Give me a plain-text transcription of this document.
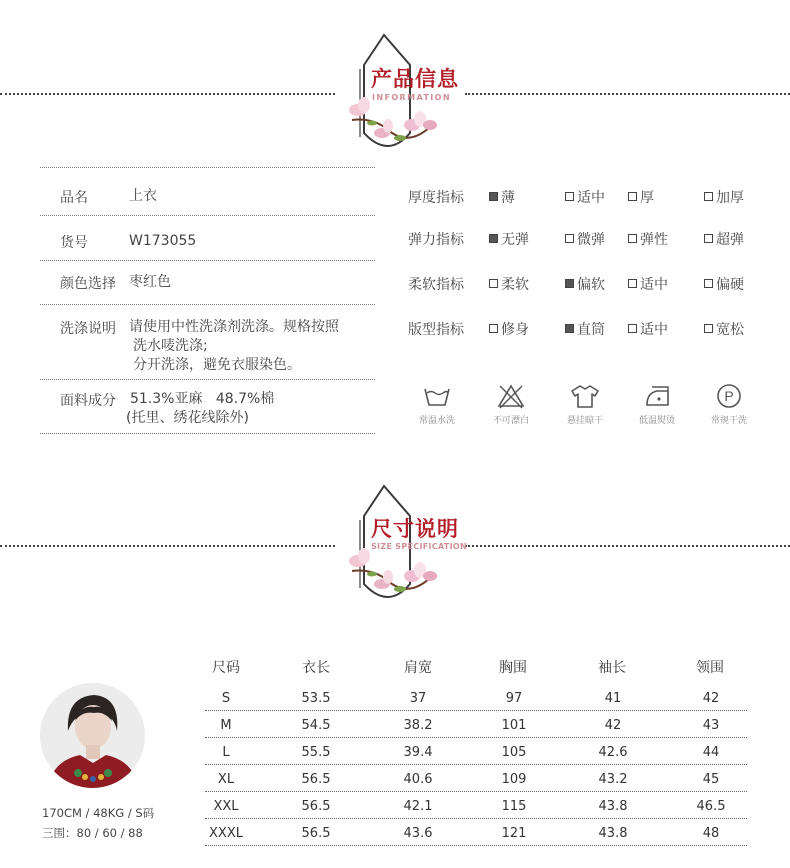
产品信息
INFORMATION
品名	上衣
货号	W173055
颜色选择 枣红色
洗涤说明 请使用中性洗涤剂洗涤。规格按照
洗水唛洗涤;
分开洗涤，避免衣服染色。
面料成分 51.3%亚麻   48.7%棉
(托里、绣花线除外)
厚度指标	薄	适中	厚	加厚
弹力指标	无弹	微弹	弹性	超弹
柔软指标	柔软	偏软	适中	偏硬
版型指标	修身	直筒	适中	宽松
常温水洗	不可漂白	悬挂晾干	低温熨烫
P
常规干洗
尺寸说明
SIZE SPECIFICATION
170CM / 48KG / S码
三围：80 / 60 / 88
尺码	衣长	肩宽	胸围	袖长	领围
S	53.5	37	97	41	42
M	54.5	38.2	101	42	43
L	55.5	39.4	105	42.6	44
XL	56.5	40.6	109	43.2	45
XXL	56.5	42.1	115	43.8	46.5
XXXL	56.5	43.6	121	43.8	48
